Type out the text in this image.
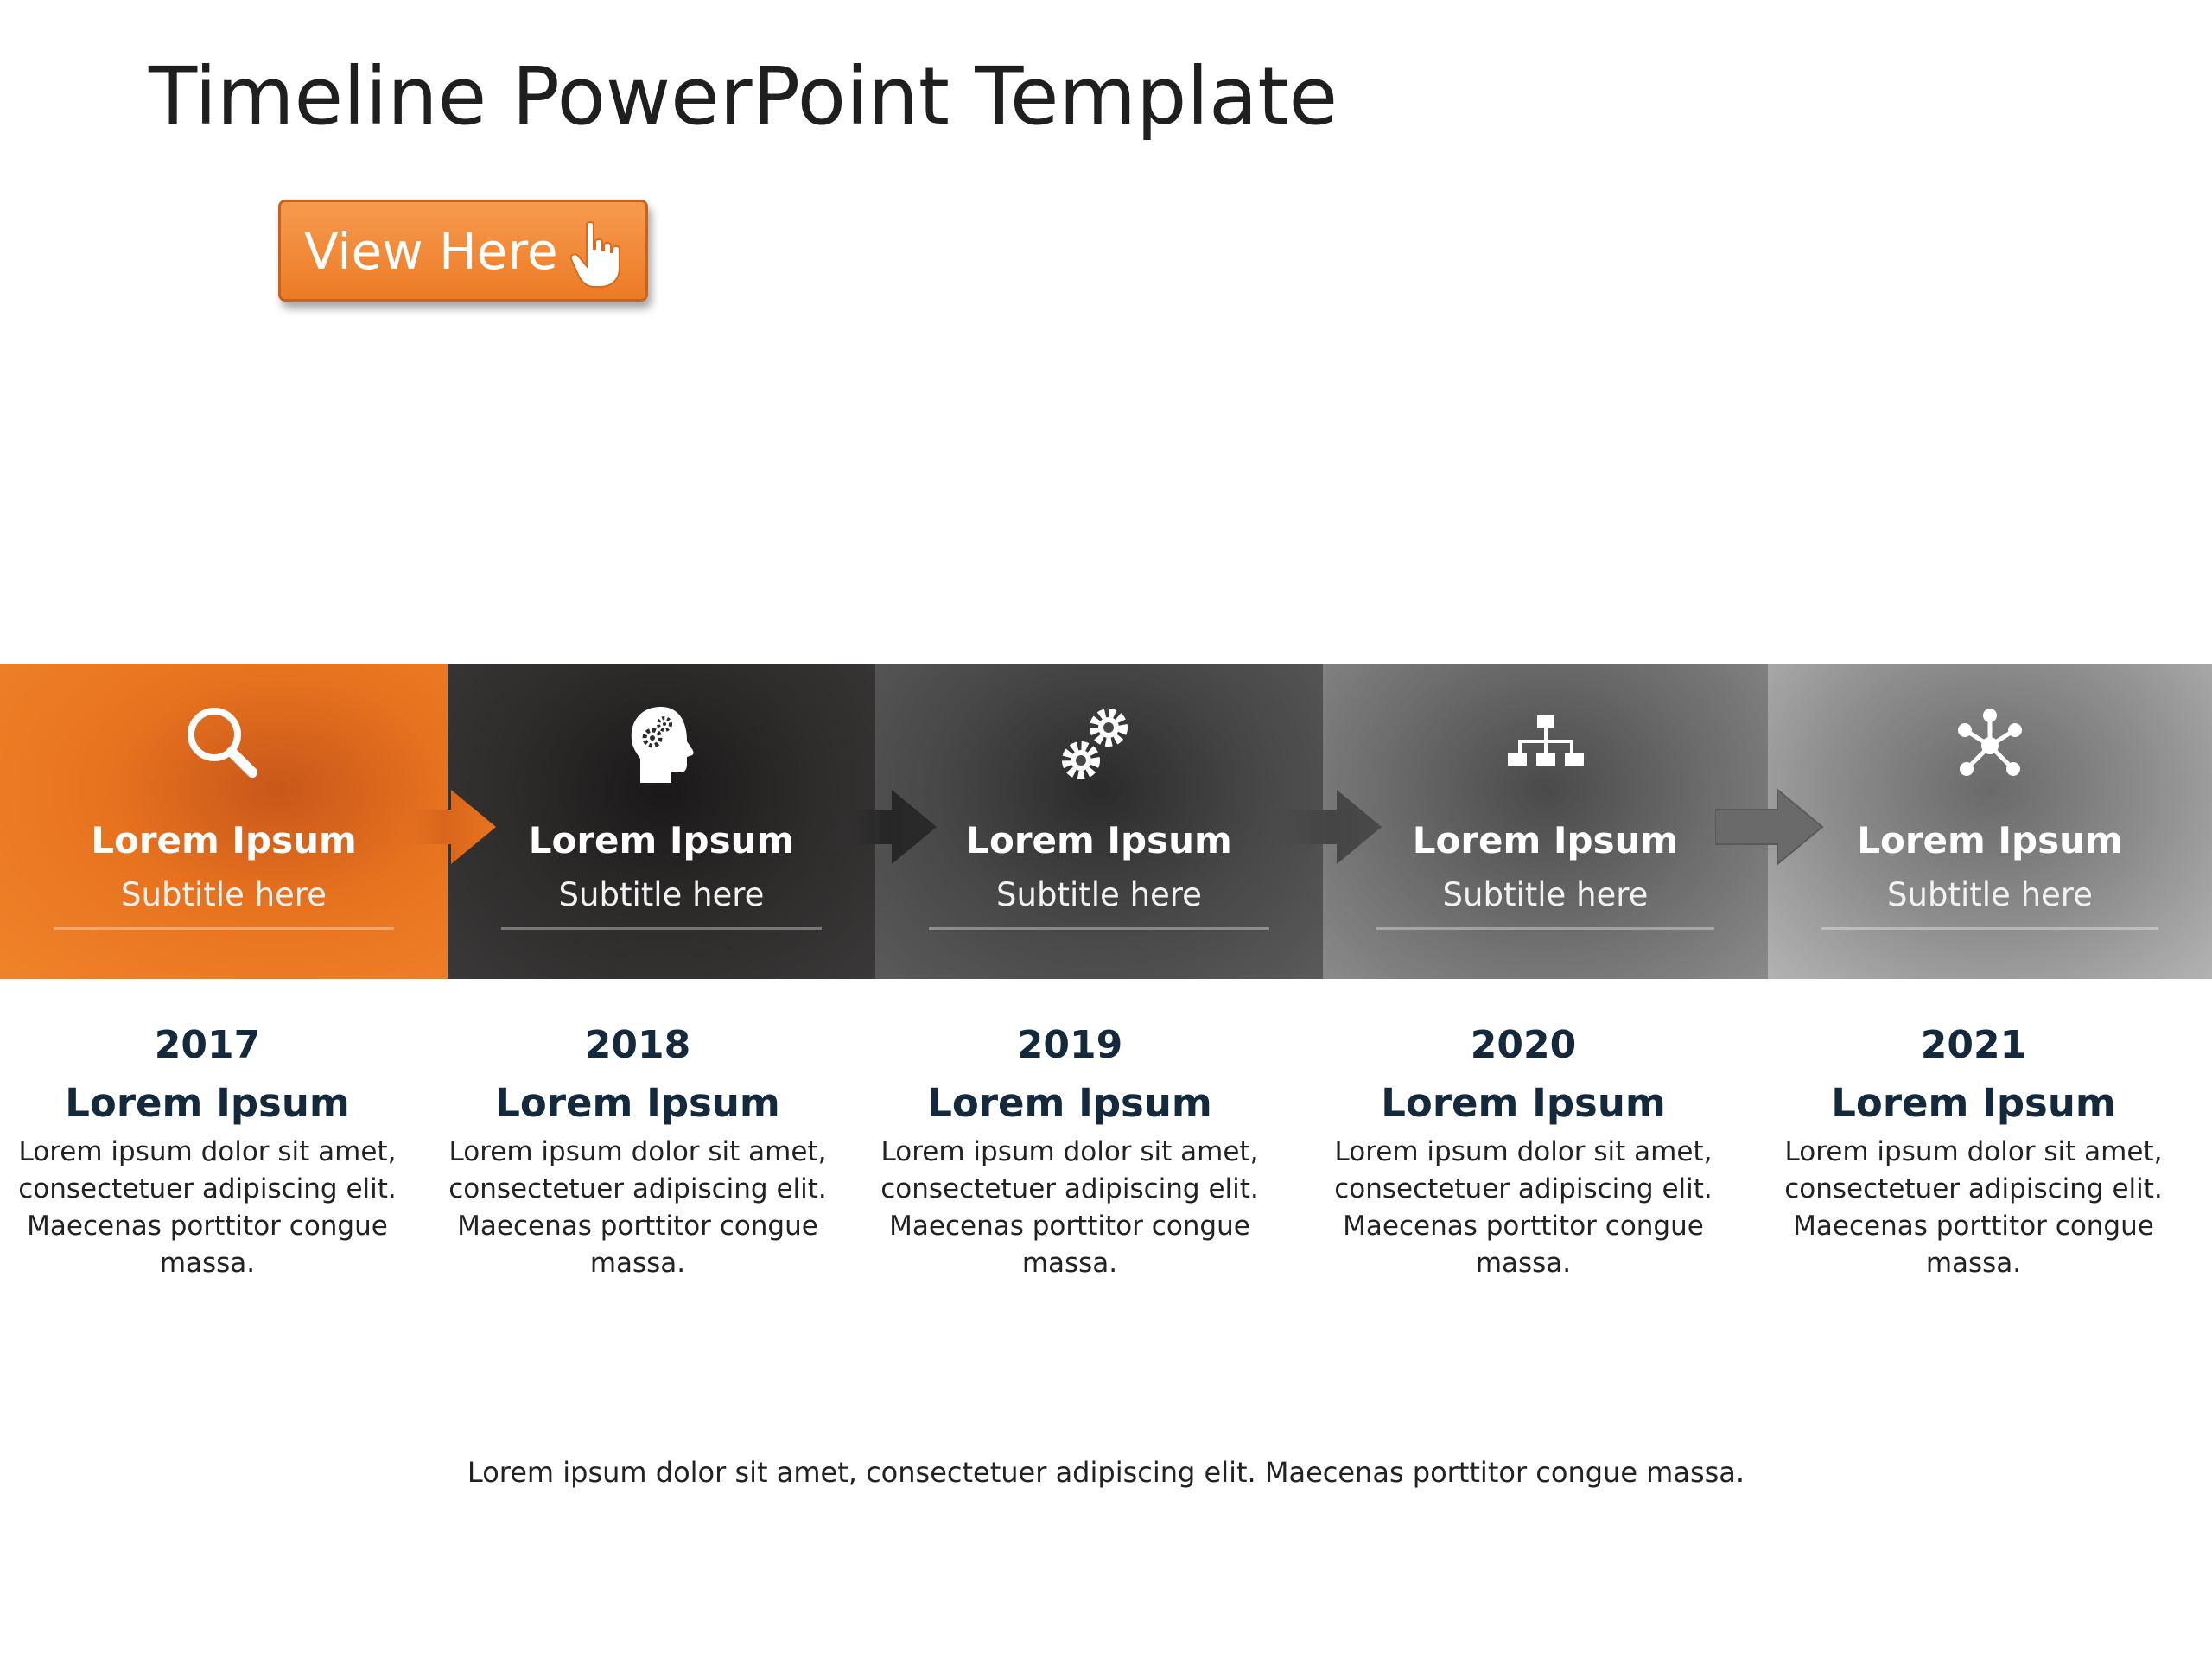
Timeline PowerPoint Template
View Here
Lorem Ipsum
Subtitle here
Lorem Ipsum
Subtitle here
Lorem Ipsum
Subtitle here
Lorem Ipsum
Subtitle here
Lorem Ipsum
Subtitle here
2017
Lorem Ipsum
Lorem ipsum dolor sit amet, consectetuer adipiscing elit. Maecenas porttitor congue massa.
2018
Lorem Ipsum
Lorem ipsum dolor sit amet, consectetuer adipiscing elit. Maecenas porttitor congue massa.
2019
Lorem Ipsum
Lorem ipsum dolor sit amet, consectetuer adipiscing elit. Maecenas porttitor congue massa.
2020
Lorem Ipsum
Lorem ipsum dolor sit amet, consectetuer adipiscing elit. Maecenas porttitor congue massa.
2021
Lorem Ipsum
Lorem ipsum dolor sit amet, consectetuer adipiscing elit. Maecenas porttitor congue massa.
Lorem ipsum dolor sit amet, consectetuer adipiscing elit. Maecenas porttitor congue massa.
